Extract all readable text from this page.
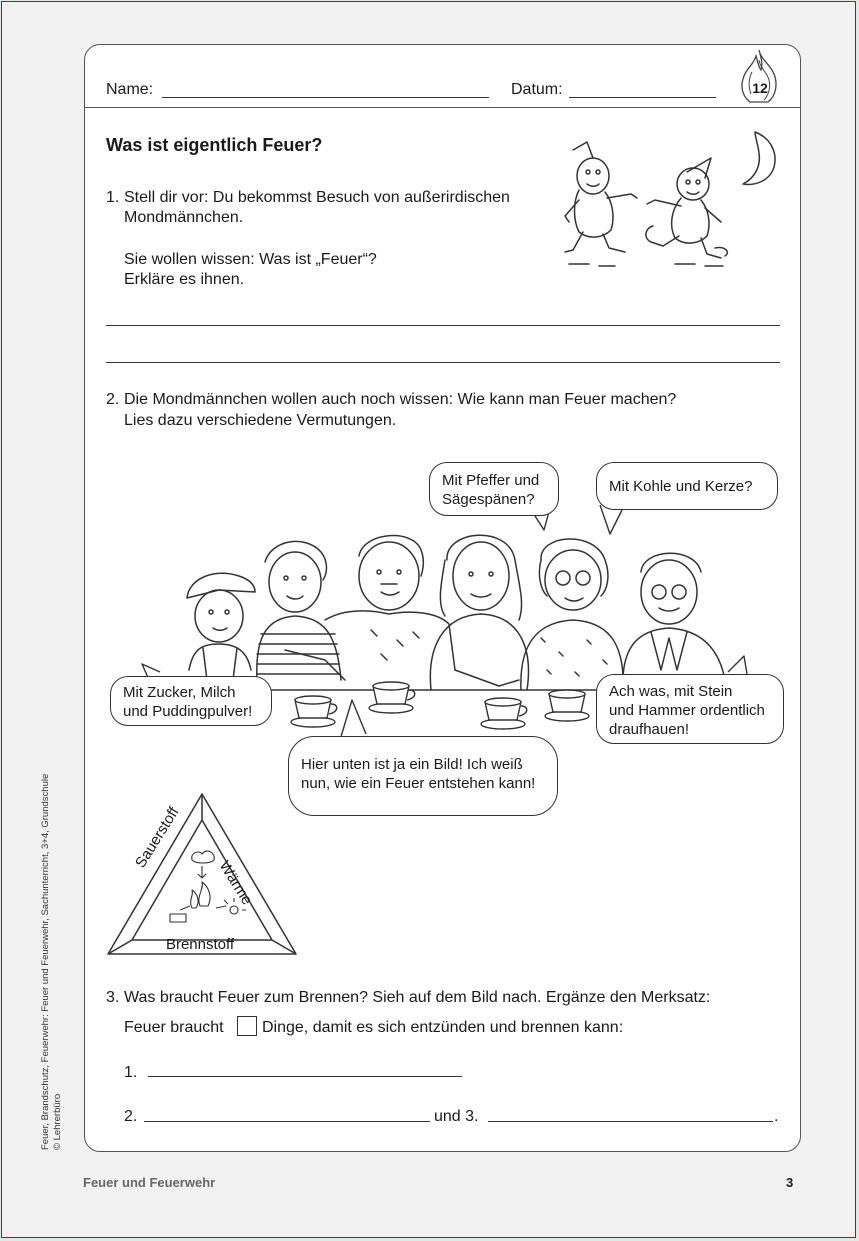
Feuer, Brandschutz, Feuerwehr: Feuer und Feuerwehr, Sachunterricht, 3+4, Grundschule © Lehrerbüro
Name:	Datum:	12
Was ist eigentlich Feuer?
1. Stell dir vor: Du bekommst Besuch von außerirdischen
Mondmännchen.
Sie wollen wissen: Was ist „Feuer“?
Erkläre es ihnen.
2. Die Mondmännchen wollen auch noch wissen: Wie kann man Feuer machen?
Lies dazu verschiedene Vermutungen.
Mit Pfeffer und
Sägespänen?
Mit Kohle und Kerze?
Mit Zucker, Milch
und Puddingpulver!
Ach was, mit Stein
und Hammer ordentlich
draufhauen!
Hier unten ist ja ein Bild! Ich weiß
nun, wie ein Feuer entstehen kann!
Sauerstoff
Wärme
Brennstoff
3. Was braucht Feuer zum Brennen? Sieh auf dem Bild nach. Ergänze den Merksatz:
Feuer braucht Dinge, damit es sich entzünden und brennen kann:
1.
2.	und 3.	.
Feuer und Feuerwehr	3
